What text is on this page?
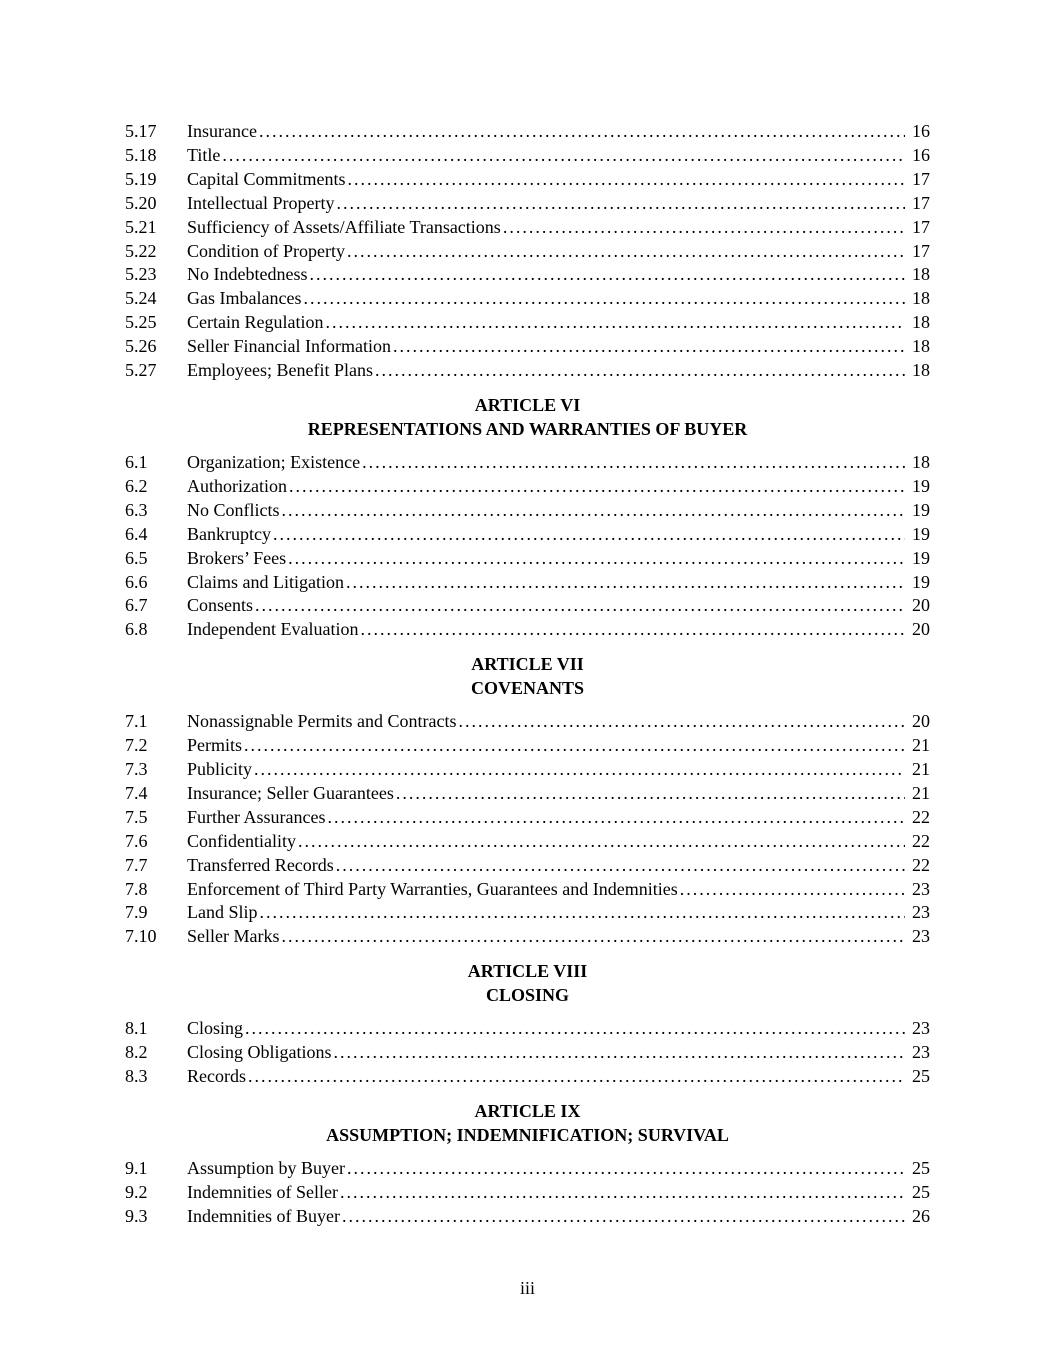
5.17	Insurance .....	16
5.18	Title .....	16
5.19	Capital Commitments .....	17
5.20	Intellectual Property .....	17
5.21	Sufficiency of Assets/Affiliate Transactions .....	17
5.22	Condition of Property .....	17
5.23	No Indebtedness .....	18
5.24	Gas Imbalances .....	18
5.25	Certain Regulation .....	18
5.26	Seller Financial Information .....	18
5.27	Employees; Benefit Plans .....	18
ARTICLE VI
REPRESENTATIONS AND WARRANTIES OF BUYER
6.1	Organization; Existence .....	18
6.2	Authorization .....	19
6.3	No Conflicts .....	19
6.4	Bankruptcy .....	19
6.5	Brokers’ Fees .....	19
6.6	Claims and Litigation .....	19
6.7	Consents .....	20
6.8	Independent Evaluation .....	20
ARTICLE VII
COVENANTS
7.1	Nonassignable Permits and Contracts .....	20
7.2	Permits .....	21
7.3	Publicity .....	21
7.4	Insurance; Seller Guarantees .....	21
7.5	Further Assurances .....	22
7.6	Confidentiality .....	22
7.7	Transferred Records .....	22
7.8	Enforcement of Third Party Warranties, Guarantees and Indemnities .....	23
7.9	Land Slip .....	23
7.10	Seller Marks .....	23
ARTICLE VIII
CLOSING
8.1	Closing .....	23
8.2	Closing Obligations .....	23
8.3	Records .....	25
ARTICLE IX
ASSUMPTION; INDEMNIFICATION; SURVIVAL
9.1	Assumption by Buyer .....	25
9.2	Indemnities of Seller .....	25
9.3	Indemnities of Buyer .....	26
iii
